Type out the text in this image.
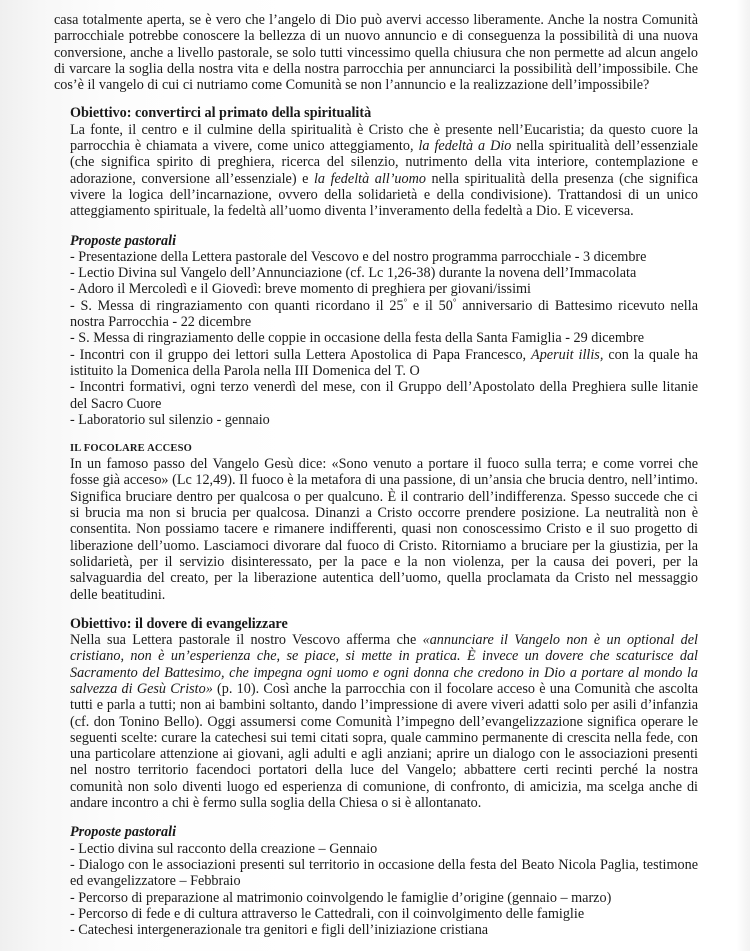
casa totalmente aperta, se è vero che l’angelo di Dio può avervi accesso liberamente. Anche la nostra Comunità parrocchiale potrebbe conoscere la bellezza di un nuovo annuncio e di conseguenza la possibilità di una nuova conversione, anche a livello pastorale, se solo tutti vincessimo quella chiusura che non permette ad alcun angelo di varcare la soglia della nostra vita e della nostra parrocchia per annunciarci la possibilità dell’impossibile. Che cos’è il vangelo di cui ci nutriamo come Comunità se non l’annuncio e la realizzazione dell’impossibile?

Obiettivo: convertirci al primato della spiritualità

La fonte, il centro e il culmine della spiritualità è Cristo che è presente nell’Eucaristia; da questo cuore la parrocchia è chiamata a vivere, come unico atteggiamento, la fedeltà a Dio nella spiritualità dell’essenziale (che significa spirito di preghiera, ricerca del silenzio, nutrimento della vita interiore, contemplazione e adorazione, conversione all’essenziale) e la fedeltà all’uomo nella spiritualità della presenza (che significa vivere la logica dell’incarnazione, ovvero della solidarietà e della condivisione). Trattandosi di un unico atteggiamento spirituale, la fedeltà all’uomo diventa l’inveramento della fedeltà a Dio. E viceversa.

Proposte pastorali
- Presentazione della Lettera pastorale del Vescovo e del nostro programma parrocchiale - 3 dicembre
- Lectio Divina sul Vangelo dell’Annunciazione (cf. Lc 1,26-38) durante la novena dell’Immacolata
- Adoro il Mercoledì e il Giovedì: breve momento di preghiera per giovani/issimi
- S. Messa di ringraziamento con quanti ricordano il 25° e il 50° anniversario di Battesimo ricevuto nella nostra Parrocchia - 22 dicembre
- S. Messa di ringraziamento delle coppie in occasione della festa della Santa Famiglia - 29 dicembre
- Incontri con il gruppo dei lettori sulla Lettera Apostolica di Papa Francesco, Aperuit illis, con la quale ha istituito la Domenica della Parola nella III Domenica del T. O
- Incontri formativi, ogni terzo venerdì del mese, con il Gruppo dell’Apostolato della Preghiera sulle litanie del Sacro Cuore
- Laboratorio sul silenzio - gennaio
IL FOCOLARE ACCESO

In un famoso passo del Vangelo Gesù dice: «Sono venuto a portare il fuoco sulla terra; e come vorrei che fosse già acceso» (Lc 12,49). Il fuoco è la metafora di una passione, di un’ansia che brucia dentro, nell’intimo. Significa bruciare dentro per qualcosa o per qualcuno. È il contrario dell’indifferenza. Spesso succede che ci si brucia ma non si brucia per qualcosa. Dinanzi a Cristo occorre prendere posizione. La neutralità non è consentita. Non possiamo tacere e rimanere indifferenti, quasi non conoscessimo Cristo e il suo progetto di liberazione dell’uomo. Lasciamoci divorare dal fuoco di Cristo. Ritorniamo a bruciare per la giustizia, per la solidarietà, per il servizio disinteressato, per la pace e la non violenza, per la causa dei poveri, per la salvaguardia del creato, per la liberazione autentica dell’uomo, quella proclamata da Cristo nel messaggio delle beatitudini.

Obiettivo: il dovere di evangelizzare

Nella sua Lettera pastorale il nostro Vescovo afferma che «annunciare il Vangelo non è un optional del cristiano, non è un’esperienza che, se piace, si mette in pratica. È invece un dovere che scaturisce dal Sacramento del Battesimo, che impegna ogni uomo e ogni donna che credono in Dio a portare al mondo la salvezza di Gesù Cristo» (p. 10). Così anche la parrocchia con il focolare acceso è una Comunità che ascolta tutti e parla a tutti; non ai bambini soltanto, dando l’impressione di avere viveri adatti solo per asili d’infanzia (cf. don Tonino Bello). Oggi assumersi come Comunità l’impegno dell’evangelizzazione significa operare le seguenti scelte: curare la catechesi sui temi citati sopra, quale cammino permanente di crescita nella fede, con una particolare attenzione ai giovani, agli adulti e agli anziani; aprire un dialogo con le associazioni presenti nel nostro territorio facendoci portatori della luce del Vangelo; abbattere certi recinti perché la nostra comunità non solo diventi luogo ed esperienza di comunione, di confronto, di amicizia, ma scelga anche di andare incontro a chi è fermo sulla soglia della Chiesa o si è allontanato.

Proposte pastorali
- Lectio divina sul racconto della creazione – Gennaio
- Dialogo con le associazioni presenti sul territorio in occasione della festa del Beato Nicola Paglia, testimone ed evangelizzatore – Febbraio
- Percorso di preparazione al matrimonio coinvolgendo le famiglie d’origine (gennaio – marzo)
- Percorso di fede e di cultura attraverso le Cattedrali, con il coinvolgimento delle famiglie
- Catechesi intergenerazionale tra genitori e figli dell’iniziazione cristiana
